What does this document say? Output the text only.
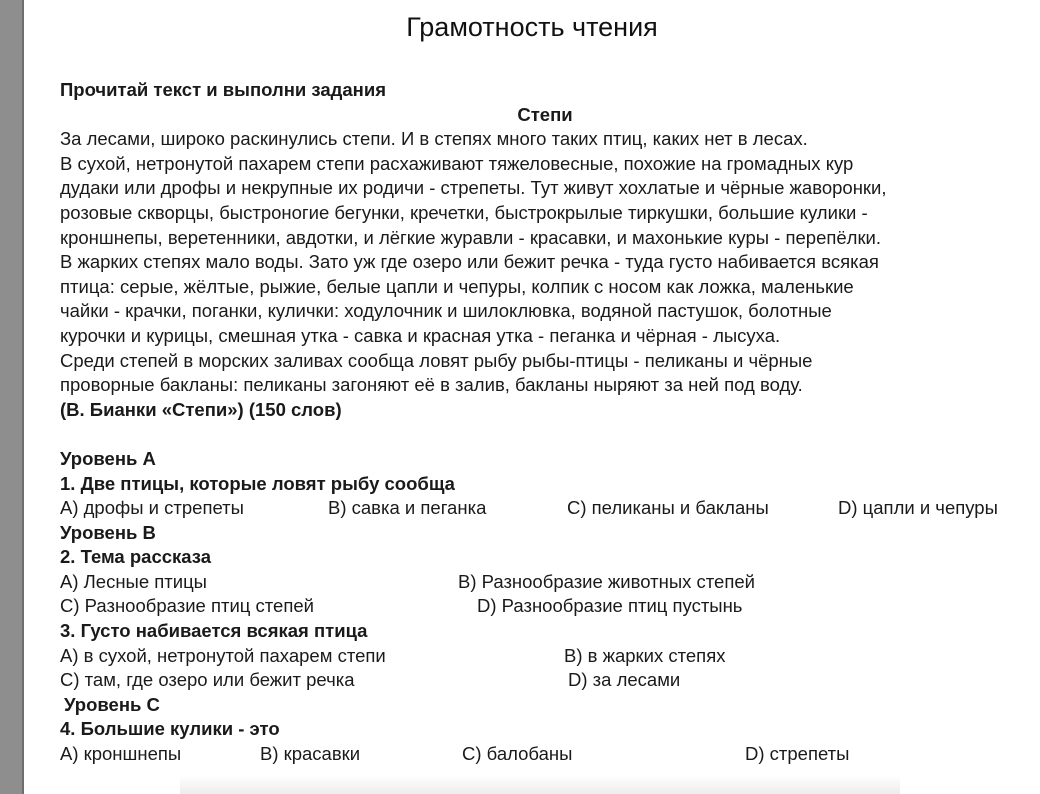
Грамотность чтения
Прочитай текст и выполни задания
Степи
За лесами, широко раскинулись степи. И в степях много таких птиц, каких нет в лесах.
В сухой, нетронутой пахарем степи расхаживают тяжеловесные, похожие на громадных кур
дудаки или дрофы и некрупные их родичи - стрепеты. Тут живут хохлатые и чёрные жаворонки,
розовые скворцы, быстроногие бегунки, кречетки, быстрокрылые тиркушки, большие кулики -
кроншнепы, веретенники, авдотки, и лёгкие журавли - красавки, и махонькие куры - перепёлки.
В жарких степях мало воды. Зато уж где озеро или бежит речка - туда густо набивается всякая
птица: серые, жёлтые, рыжие, белые цапли и чепуры, колпик с носом как ложка, маленькие
чайки - крачки, поганки, кулички: ходулочник и шилоклювка, водяной пастушок, болотные
курочки и курицы, смешная утка - савка и красная утка - пеганка и чёрная - лысуха.
Среди степей в морских заливах сообща ловят рыбу рыбы-птицы - пеликаны и чёрные
проворные бакланы: пеликаны загоняют её в залив, бакланы ныряют за ней под воду.
(В. Бианки «Степи») (150 слов)
Уровень А
1. Две птицы, которые ловят рыбу сообща
А) дрофы и стрепеты	В) савка и пеганка	С) пеликаны и бакланы	D) цапли и чепуры
Уровень В
2. Тема рассказа
А) Лесные птицы	В) Разнообразие животных степей
С) Разнообразие птиц степей	D) Разнообразие птиц пустынь
3. Густо набивается всякая птица
А) в сухой, нетронутой пахарем степи	В) в жарких степях
С) там, где озеро или бежит речка	D) за лесами
Уровень С
4. Большие кулики - это
А) кроншнепы	В) красавки	С) балобаны	D) стрепеты
